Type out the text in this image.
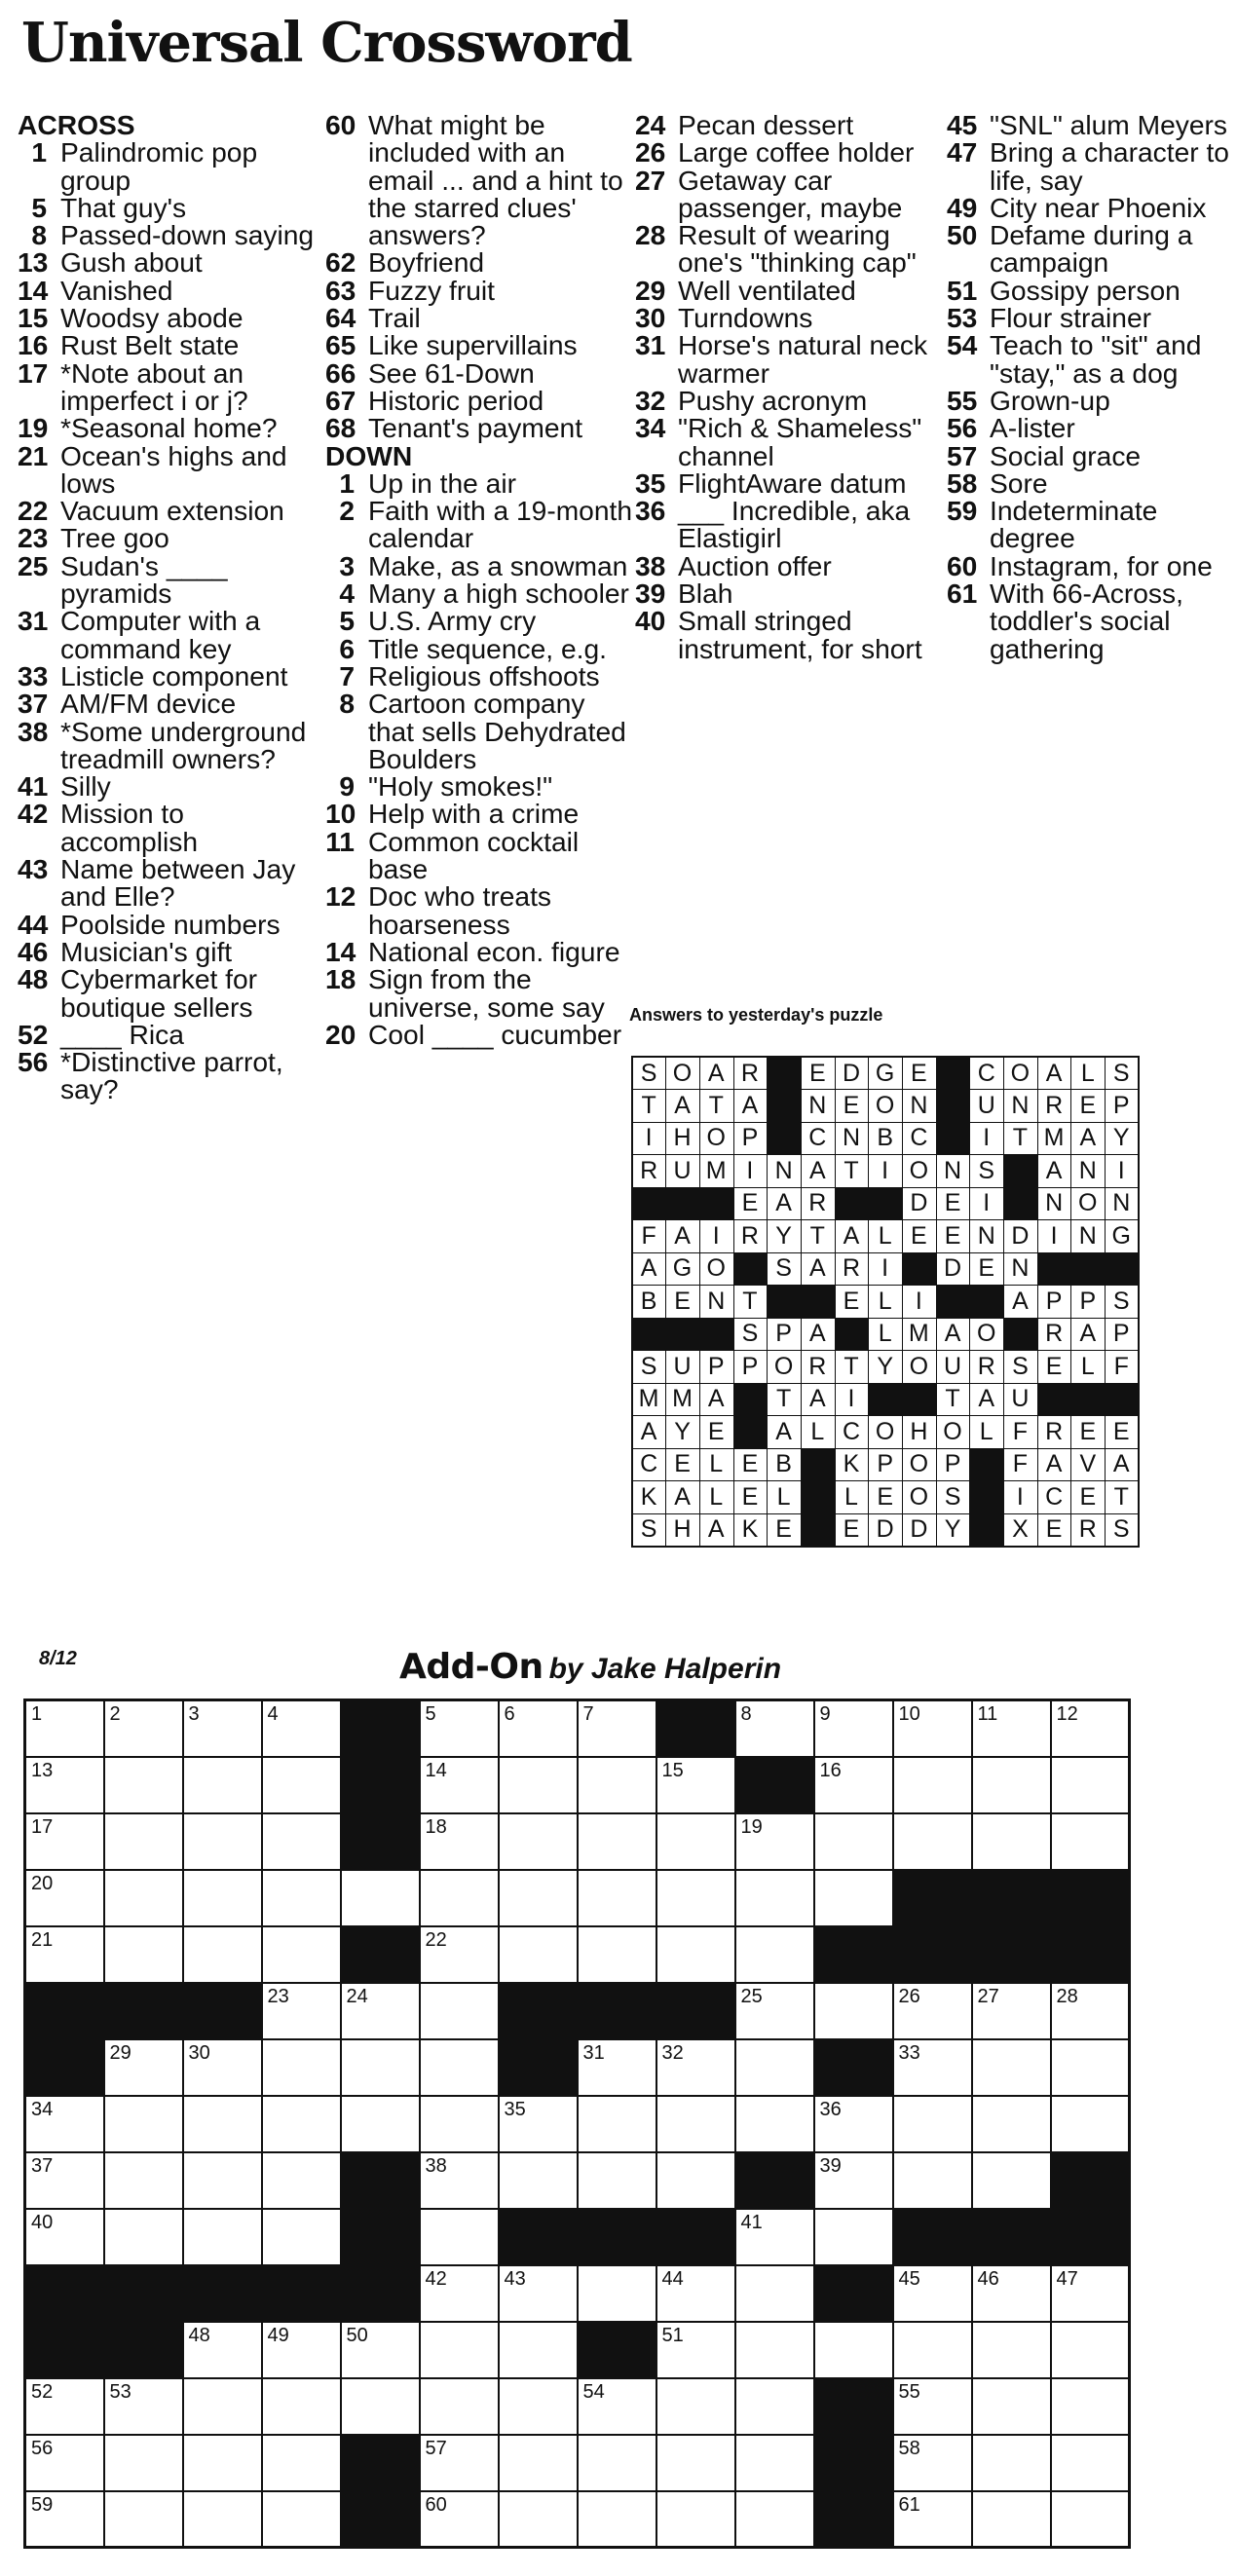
Universal Crossword
ACROSS
1 Palindromic pop group
5 That guy's
8 Passed-down saying
13 Gush about
14 Vanished
15 Woodsy abode
16 Rust Belt state
17 *Note about an imperfect i or j?
19 *Seasonal home?
21 Ocean's highs and lows
22 Vacuum extension
23 Tree goo
25 Sudan's ____ pyramids
31 Computer with a command key
33 Listicle component
37 AM/FM device
38 *Some underground treadmill owners?
41 Silly
42 Mission to accomplish
43 Name between Jay and Elle?
44 Poolside numbers
46 Musician's gift
48 Cybermarket for boutique sellers
52 ____ Rica
56 *Distinctive parrot, say?
60 What might be included with an email ... and a hint to the starred clues' answers?
62 Boyfriend
63 Fuzzy fruit
64 Trail
65 Like supervillains
66 See 61-Down
67 Historic period
68 Tenant's payment
DOWN
1 Up in the air
2 Faith with a 19-month calendar
3 Make, as a snowman
4 Many a high schooler
5 U.S. Army cry
6 Title sequence, e.g.
7 Religious offshoots
8 Cartoon company that sells Dehydrated Boulders
9 "Holy smokes!"
10 Help with a crime
11 Common cocktail base
12 Doc who treats hoarseness
14 National econ. figure
18 Sign from the universe, some say
20 Cool ____ cucumber
24 Pecan dessert
26 Large coffee holder
27 Getaway car passenger, maybe
28 Result of wearing one's "thinking cap"
29 Well ventilated
30 Turndowns
31 Horse's natural neck warmer
32 Pushy acronym
34 "Rich & Shameless" channel
35 FlightAware datum
36 ___ Incredible, aka Elastigirl
38 Auction offer
39 Blah
40 Small stringed instrument, for short
45 "SNL" alum Meyers
47 Bring a character to life, say
49 City near Phoenix
50 Defame during a campaign
51 Gossipy person
53 Flour strainer
54 Teach to "sit" and "stay," as a dog
55 Grown-up
56 A-lister
57 Social grace
58 Sore
59 Indeterminate degree
60 Instagram, for one
61 With 66-Across, toddler's social gathering
Answers to yesterday's puzzle
S	O	A	R		E	D	G	E		C	O	A	L	S
T	A	T	A		N	E	O	N		U	N	R	E	P
I	H	O	P		C	N	B	C		I	T	M	A	Y
R	U	M	I	N	A	T	I	O	N	S		A	N	I
			E	A	R			D	E	I		N	O	N
F	A	I	R	Y	T	A	L	E	E	N	D	I	N	G
A	G	O		S	A	R	I		D	E	N			
B	E	N	T			E	L	I			A	P	P	S
			S	P	A		L	M	A	O		R	A	P
S	U	P	P	O	R	T	Y	O	U	R	S	E	L	F
M	M	A		T	A	I			T	A	U			
A	Y	E		A	L	C	O	H	O	L	F	R	E	E
C	E	L	E	B		K	P	O	P		F	A	V	A
K	A	L	E	L		L	E	O	S		I	C	E	T
S	H	A	K	E		E	D	D	Y		X	E	R	S
8/12	Add-On by Jake Halperin
1	2	3	4		5	6	7		8	9	10	11	12

13					14			15		16			

17					18				19				

20													

21					22								

			23	24					25		26	27	28

	29	30					31	32			33		

34						35				36			

37					38					39			

40									41				

					42	43		44			45	46	47

		48	49	50				51					

52	53						54				55		

56					57						58		

59					60						61		
